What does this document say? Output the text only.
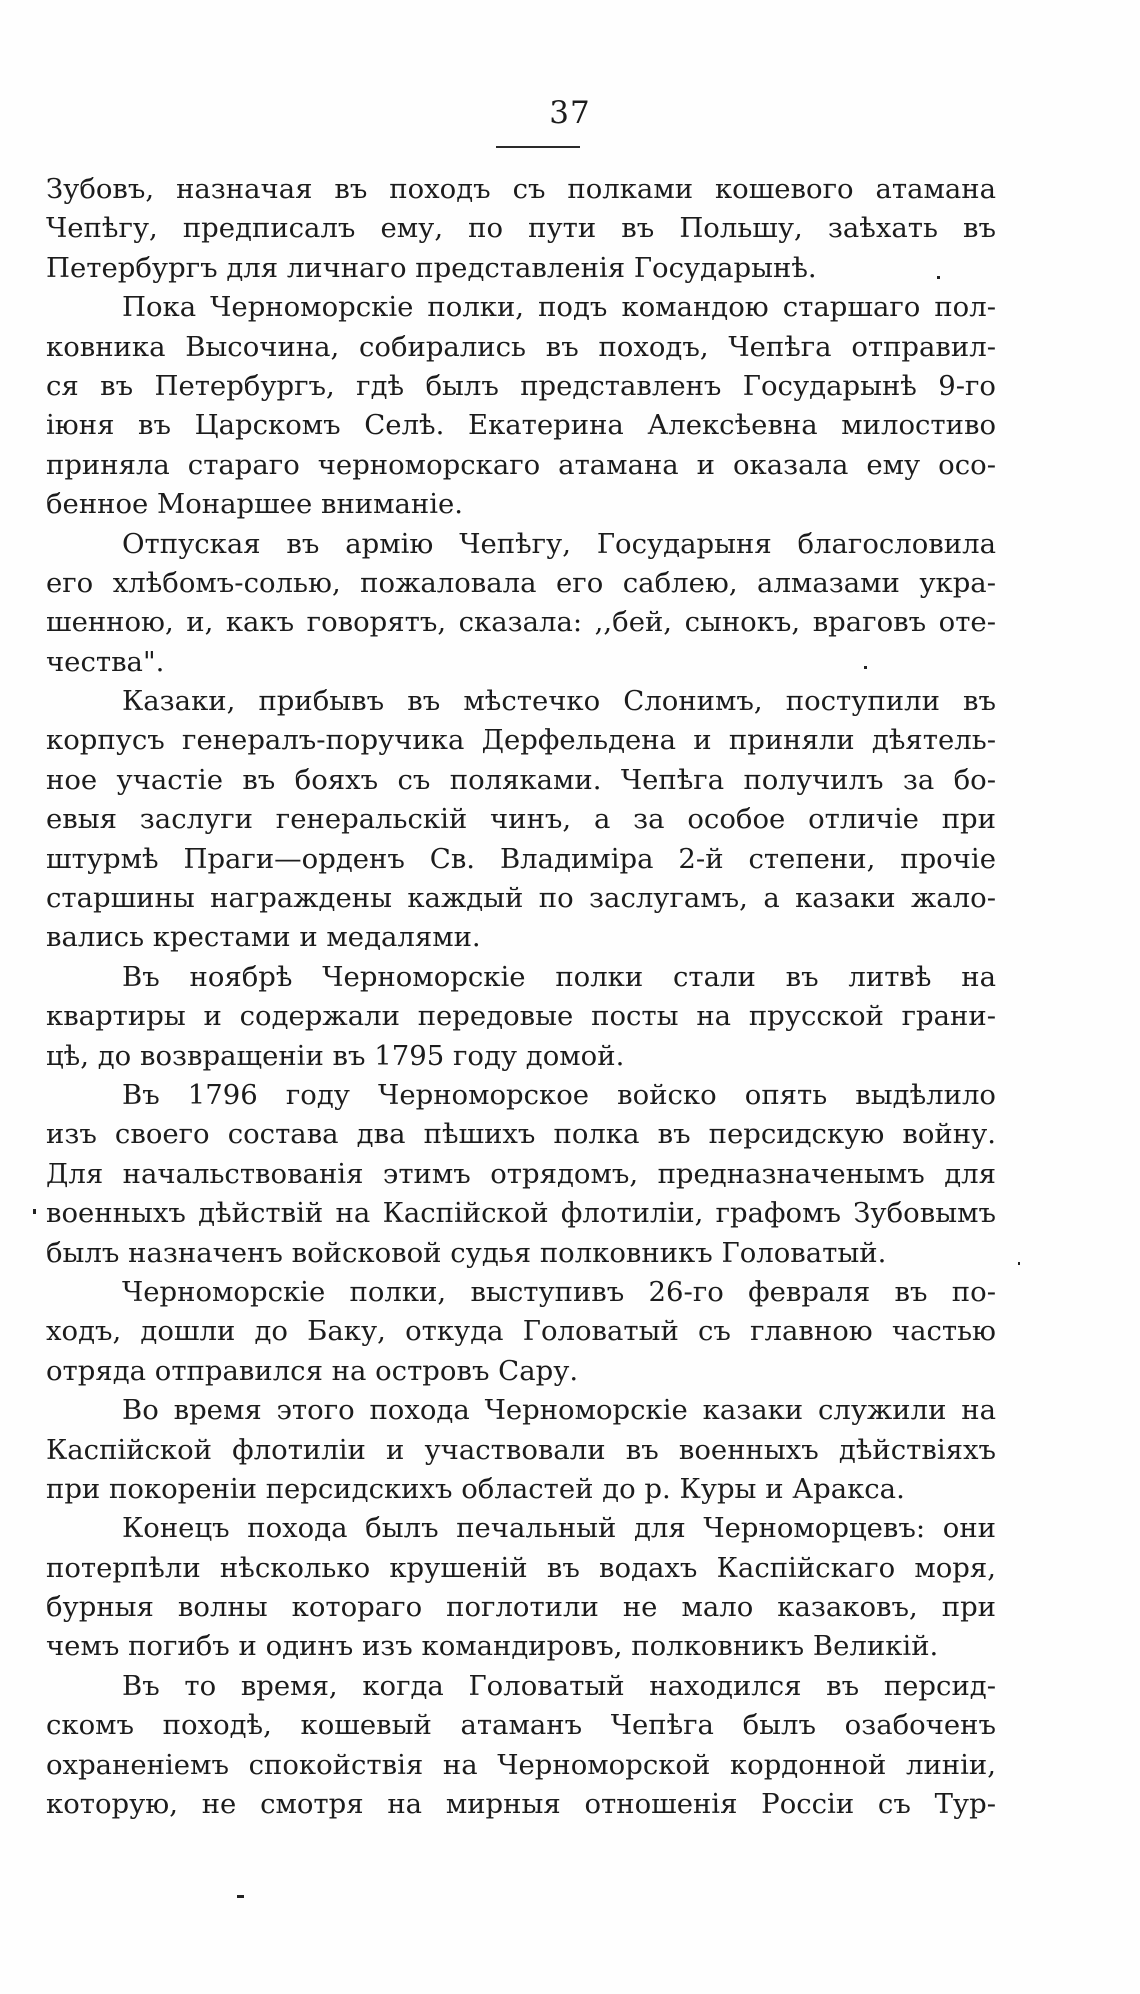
37
Зубовъ, назначая въ походъ съ полками кошевого атамана
Чепѣгу, предписалъ ему, по пути въ Польшу, заѣхать въ
Петербургъ для личнаго представленія Государынѣ.
Пока Черноморскіе полки, подъ командою старшаго пол-
ковника Высочина, собирались въ походъ, Чепѣга отправил-
ся въ Петербургъ, гдѣ былъ представленъ Государынѣ 9-го
іюня въ Царскомъ Селѣ. Екатерина Алексѣевна милостиво
приняла стараго черноморскаго атамана и оказала ему осо-
бенное Монаршее вниманіе.
Отпуская въ армію Чепѣгу, Государыня благословила
его хлѣбомъ-солью, пожаловала его саблею, алмазами укра-
шенною, и, какъ говорятъ, сказала: ,,бей, сынокъ, враговъ оте-
чества".
Казаки, прибывъ въ мѣстечко Слонимъ, поступили въ
корпусъ генералъ-поручика Дерфельдена и приняли дѣятель-
ное участіе въ бояхъ съ поляками. Чепѣга получилъ за бо-
евыя заслуги генеральскій чинъ, а за особое отличіе при
штурмѣ Праги—орденъ Св. Владиміра 2-й степени, прочіе
старшины награждены каждый по заслугамъ, а казаки жало-
вались крестами и медалями.
Въ ноябрѣ Черноморскіе полки стали въ литвѣ на
квартиры и содержали передовые посты на прусской грани-
цѣ, до возвращеніи въ 1795 году домой.
Въ 1796 году Черноморское войско опять выдѣлило
изъ своего состава два пѣшихъ полка въ персидскую войну.
Для начальствованія этимъ отрядомъ, предназначенымъ для
военныхъ дѣйствій на Каспійской флотиліи, графомъ Зубовымъ
былъ назначенъ войсковой судья полковникъ Головатый.
Черноморскіе полки, выступивъ 26-го февраля въ по-
ходъ, дошли до Баку, откуда Головатый съ главною частью
отряда отправился на островъ Сару.
Во время этого похода Черноморскіе казаки служили на
Каспійской флотиліи и участвовали въ военныхъ дѣйствіяхъ
при покореніи персидскихъ областей до р. Куры и Аракса.
Конецъ похода былъ печальный для Черноморцевъ: они
потерпѣли нѣсколько крушеній въ водахъ Каспійскаго моря,
бурныя волны котораго поглотили не мало казаковъ, при
чемъ погибъ и одинъ изъ командировъ, полковникъ Великій.
Въ то время, когда Головатый находился въ персид-
скомъ походѣ, кошевый атаманъ Чепѣга былъ озабоченъ
охраненіемъ спокойствія на Черноморской кордонной линіи,
которую, не смотря на мирныя отношенія Россіи съ Тур-
